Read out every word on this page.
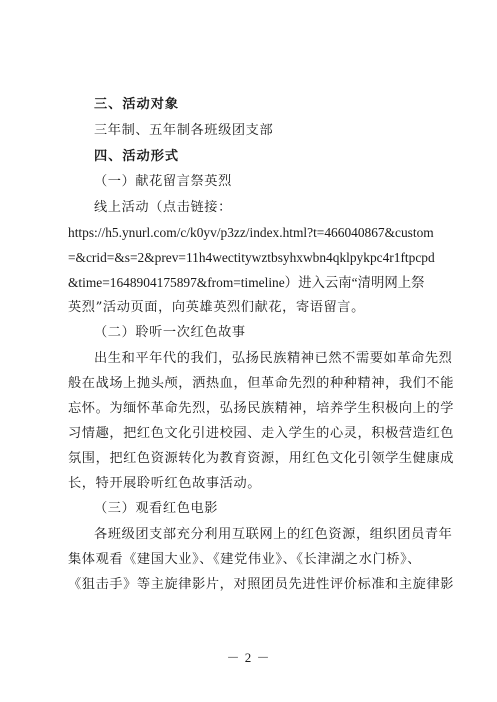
三、活动对象
三年制、五年制各班级团支部
四、活动形式
（一）献花留言祭英烈
线上活动（点击链接：
https://h5.ynurl.com/c/k0yv/p3zz/index.html?t=466040867&custom
=&crid=&s=2&prev=11h4wectitywztbsyhxwbn4qklpykpc4r1ftpcpd
&time=1648904175897&from=timeline）进入云南“清明网上祭
英烈”活动页面，向英雄英烈们献花，寄语留言。
（二）聆听一次红色故事
出生和平年代的我们，弘扬民族精神已然不需要如革命先烈
般在战场上抛头颅，洒热血，但革命先烈的种种精神，我们不能
忘怀。为缅怀革命先烈，弘扬民族精神，培养学生积极向上的学
习情趣，把红色文化引进校园、走入学生的心灵，积极营造红色
氛围，把红色资源转化为教育资源，用红色文化引领学生健康成
长，特开展聆听红色故事活动。
（三）观看红色电影
各班级团支部充分利用互联网上的红色资源，组织团员青年
集体观看《建国大业》、《建党伟业》、《长津湖之水门桥》、
《狙击手》等主旋律影片，对照团员先进性评价标准和主旋律影
－ 2 －
